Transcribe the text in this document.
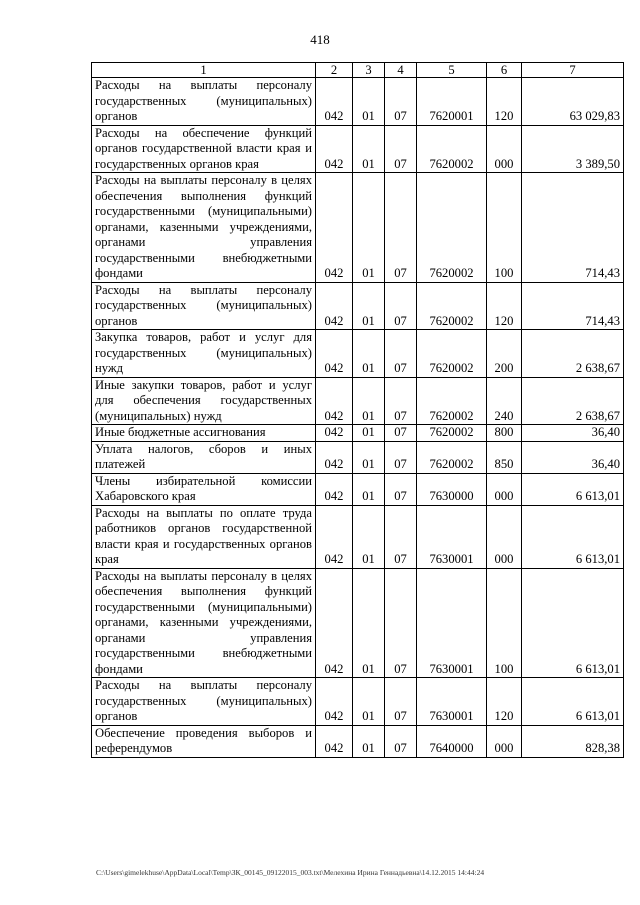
418
1	2	3	4	5	6	7
Расходы на выплаты персоналу государственных (муниципальных) органов	042	01	07	7620001	120	63 029,83
Расходы на обеспечение функций органов государственной власти края и государственных органов края	042	01	07	7620002	000	3 389,50
Расходы на выплаты персоналу в целях обеспечения выполнения функций государственными (муниципальными) органами, казенными учреждениями, органами управления государственными внебюджетными фондами	042	01	07	7620002	100	714,43
Расходы на выплаты персоналу государственных (муниципальных) органов	042	01	07	7620002	120	714,43
Закупка товаров, работ и услуг для государственных (муниципальных) нужд	042	01	07	7620002	200	2 638,67
Иные закупки товаров, работ и услуг для обеспечения государственных (муниципальных) нужд	042	01	07	7620002	240	2 638,67
Иные бюджетные ассигнования	042	01	07	7620002	800	36,40
Уплата налогов, сборов и иных платежей	042	01	07	7620002	850	36,40
Члены избирательной комиссии Хабаровского края	042	01	07	7630000	000	6 613,01
Расходы на выплаты по оплате труда работников органов государственной власти края и государственных органов края	042	01	07	7630001	000	6 613,01
Расходы на выплаты персоналу в целях обеспечения выполнения функций государственными (муниципальными) органами, казенными учреждениями, органами управления государственными внебюджетными фондами	042	01	07	7630001	100	6 613,01
Расходы на выплаты персоналу государственных (муниципальных) органов	042	01	07	7630001	120	6 613,01
Обеспечение проведения выборов и референдумов	042	01	07	7640000	000	828,38
C:\Users\gimelekhuse\AppData\Local\Temp\ЗК_00145_09122015_003.txt\Мелехина Ирина Геннадьевна\14.12.2015 14:44:24
